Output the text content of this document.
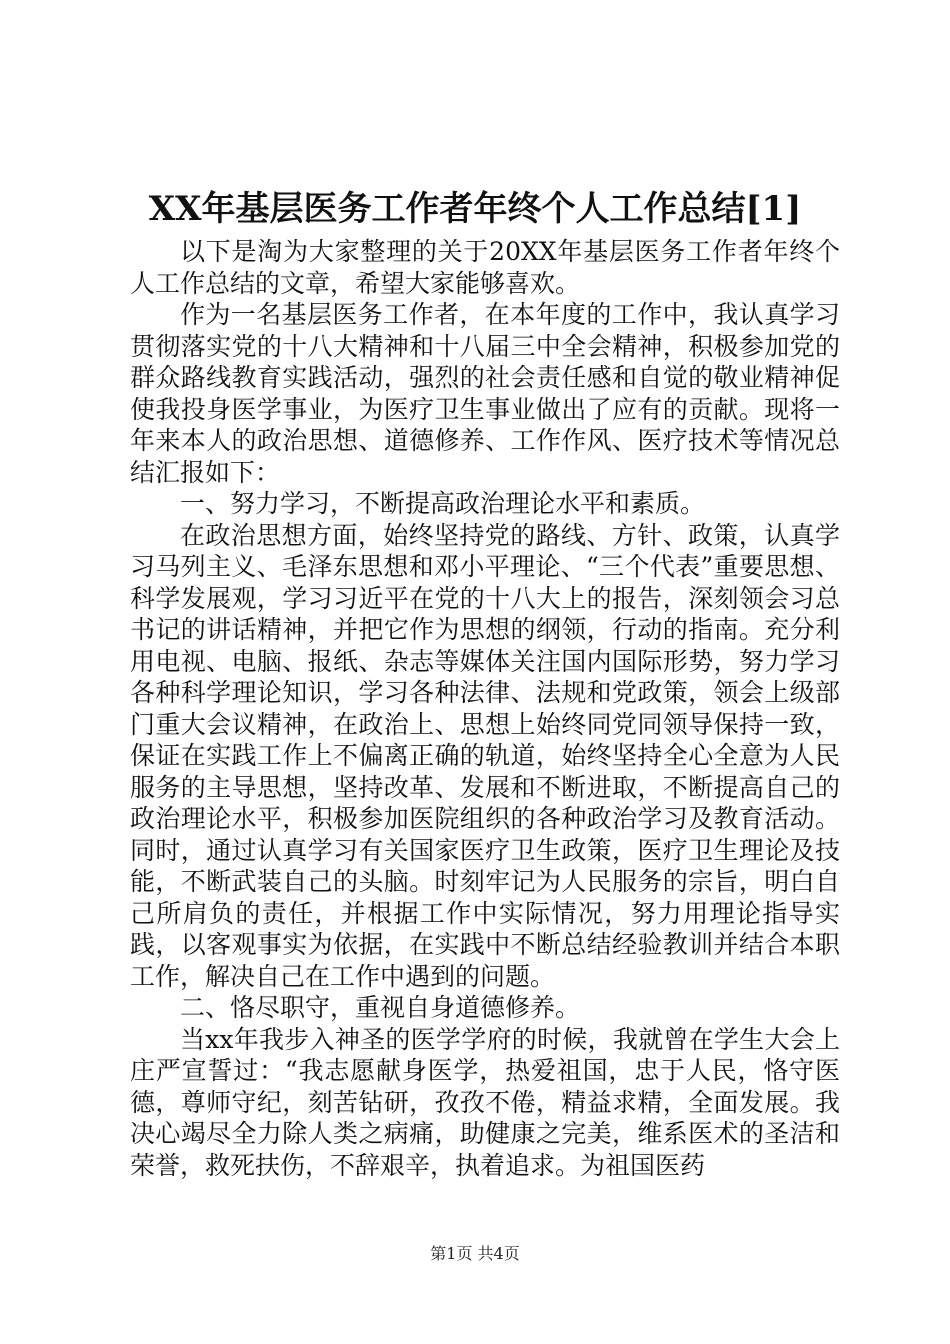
XX年基层医务工作者年终个人工作总结[1]

以下是淘为大家整理的关于20XX年基层医务工作者年终个人工作总结的文章，希望大家能够喜欢。

作为一名基层医务工作者，在本年度的工作中，我认真学习贯彻落实党的十八大精神和十八届三中全会精神，积极参加党的群众路线教育实践活动，强烈的社会责任感和自觉的敬业精神促使我投身医学事业，为医疗卫生事业做出了应有的贡献。现将一年来本人的政治思想、道德修养、工作作风、医疗技术等情况总结汇报如下：

一、努力学习，不断提高政治理论水平和素质。

在政治思想方面，始终坚持党的路线、方针、政策，认真学习马列主义、毛泽东思想和邓小平理论、“三个代表”重要思想、科学发展观，学习习近平在党的十八大上的报告，深刻领会习总书记的讲话精神，并把它作为思想的纲领，行动的指南。充分利用电视、电脑、报纸、杂志等媒体关注国内国际形势，努力学习各种科学理论知识，学习各种法律、法规和党政策，领会上级部门重大会议精神，在政治上、思想上始终同党同领导保持一致，保证在实践工作上不偏离正确的轨道，始终坚持全心全意为人民服务的主导思想，坚持改革、发展和不断进取，不断提高自己的政治理论水平，积极参加医院组织的各种政治学习及教育活动。同时，通过认真学习有关国家医疗卫生政策，医疗卫生理论及技能，不断武装自己的头脑。时刻牢记为人民服务的宗旨，明白自己所肩负的责任，并根据工作中实际情况，努力用理论指导实践，以客观事实为依据，在实践中不断总结经验教训并结合本职工作，解决自己在工作中遇到的问题。

二、恪尽职守，重视自身道德修养。

当xx年我步入神圣的医学学府的时候，我就曾在学生大会上庄严宣誓过：“我志愿献身医学，热爱祖国，忠于人民，恪守医德，尊师守纪，刻苦钻研，孜孜不倦，精益求精，全面发展。我决心竭尽全力除人类之病痛，助健康之完美，维系医术的圣洁和荣誉，救死扶伤，不辞艰辛，执着追求。为祖国医药

第1页 共4页
